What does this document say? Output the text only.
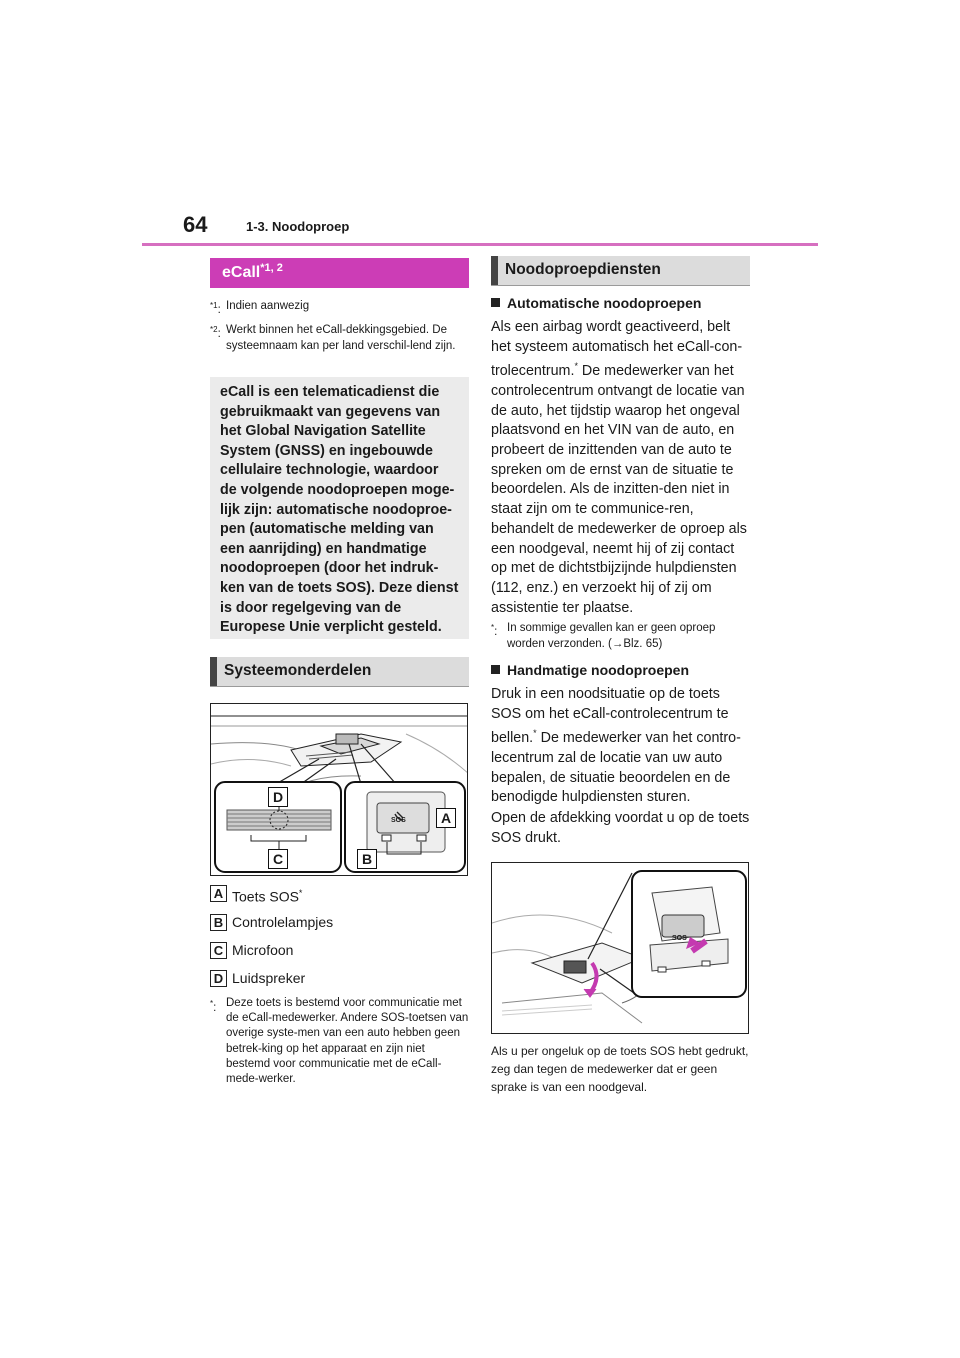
64	1-3. Noodoproep
eCall$^{*1, 2}$
$^{*1}$: Indien aanwezig
$^{*2}$: Werkt binnen het eCall-dekkingsgebied. De systeemnaam kan per land verschil-lend zijn.

eCall is een telematicadienst die gebruikmaakt van gegevens van het Global Navigation Satellite System (GNSS) en ingebouwde cellulaire technologie, waardoor de volgende noodoproepen moge-lijk zijn: automatische noodoproe-pen (automatische melding van een aanrijding) en handmatige noodoproepen (door het indruk-ken van de toets SOS). Deze dienst is door regelgeving van de Europese Unie verplicht gesteld.

Systeemonderdelen
SOS
D
C
A
B
A Toets SOS*
B Controlelampjes
C Microfoon
D Luidspreker
*: Deze toets is bestemd voor communicatie met de eCall-medewerker. Andere SOS-toetsen van overige syste-men van een auto hebben geen betrek-king op het apparaat en zijn niet bestemd voor communicatie met de eCall-mede-werker.
Noodoproepdiensten
Automatische noodoproepen
Als een airbag wordt geactiveerd, belt het systeem automatisch het eCall-con-trolecentrum.* De medewerker van het controlecentrum ontvangt de locatie van de auto, het tijdstip waarop het ongeval plaatsvond en het VIN van de auto, en probeert de inzittenden van de auto te spreken om de ernst van de situatie te beoordelen. Als de inzitten-den niet in staat zijn om te communice-ren, behandelt de medewerker de oproep als een noodgeval, neemt hij of zij contact op met de dichtstbijzijnde hulpdiensten (112, enz.) en verzoekt hij of zij om assistentie ter plaatse.
*: In sommige gevallen kan er geen oproep worden verzonden. (→Blz. 65)
Handmatige noodoproepen
Druk in een noodsituatie op de toets SOS om het eCall-controlecentrum te bellen.* De medewerker van het contro-lecentrum zal de locatie van uw auto bepalen, de situatie beoordelen en de benodigde hulpdiensten sturen.
Open de afdekking voordat u op de toets SOS drukt.
SOS
Als u per ongeluk op de toets SOS hebt gedrukt, zeg dan tegen de medewerker dat er geen sprake is van een noodgeval.
